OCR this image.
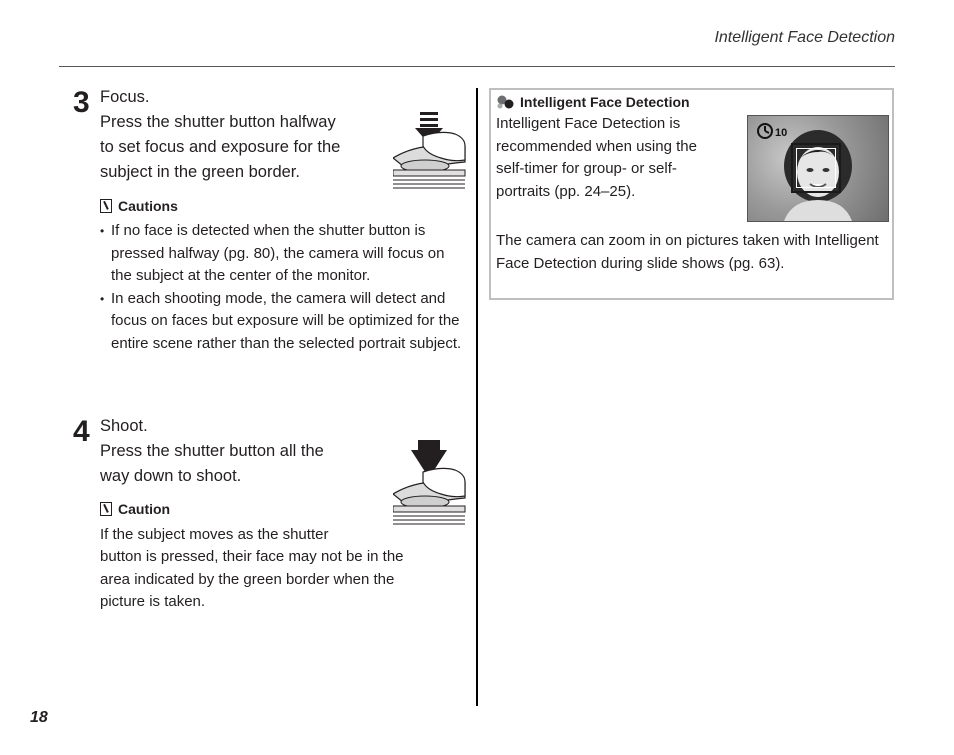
Intelligent Face Detection
3 Focus.
Press the shutter button halfway
to set focus and exposure for the
subject in the green border.
Cautions
• If no face is detected when the shutter button is pressed halfway (pg. 80), the camera will focus on the subject at the center of the monitor.
• In each shooting mode, the camera will detect and focus on faces but exposure will be optimized for the entire scene rather than the selected portrait subject.
4 Shoot.
Press the shutter button all the
way down to shoot.
Caution
If the subject moves as the shutter
button is pressed, their face may not be in the
area indicated by the green border when the
picture is taken.
Intelligent Face Detection
Intelligent Face Detection is
recommended when using the
self-timer for group- or self-
portraits (pp. 24–25).
10
The camera can zoom in on pictures taken with Intelligent Face Detection during slide shows (pg. 63).
18
